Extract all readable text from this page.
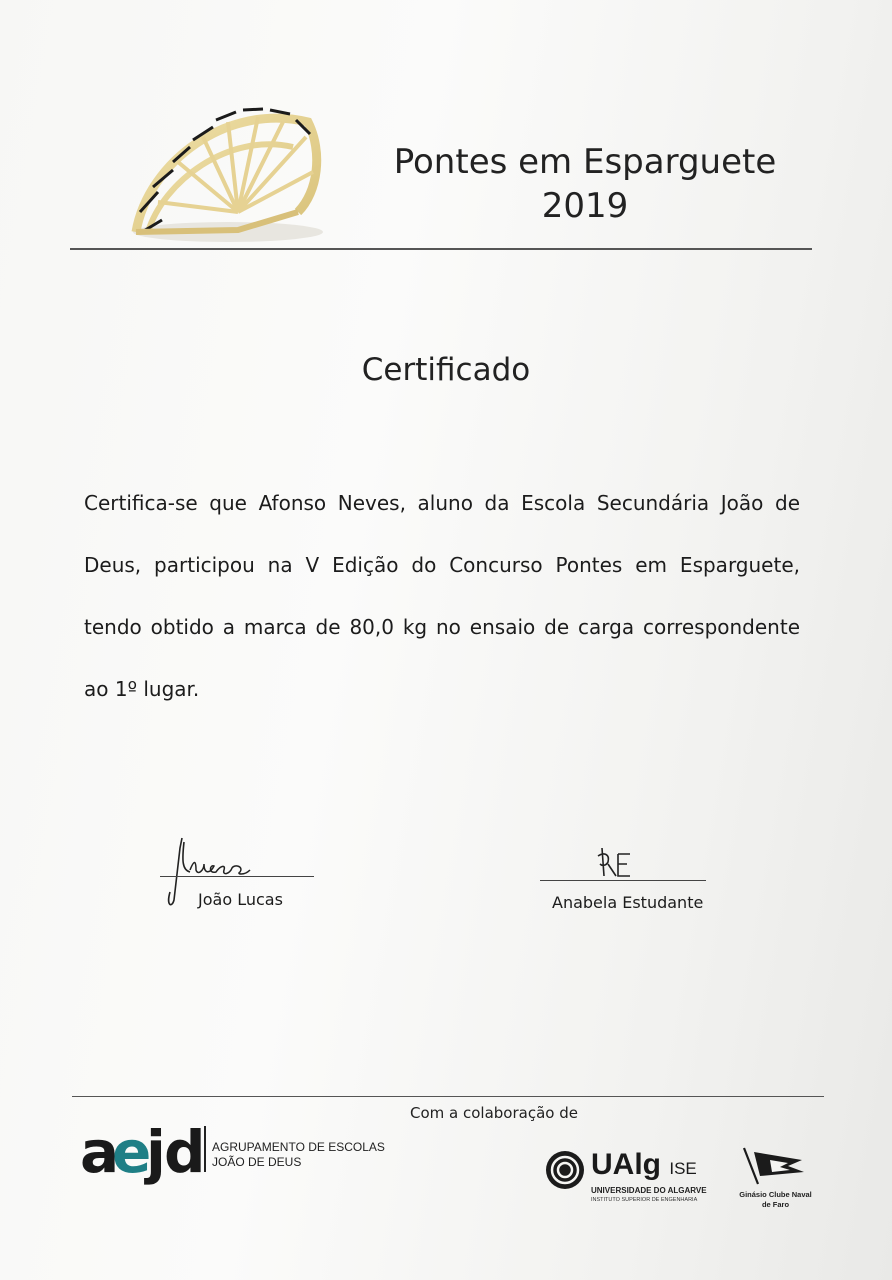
Pontes em Esparguete
2019
Certificado
Certifica-se que Afonso Neves, aluno da Escola Secundária João de Deus, participou na V Edição do Concurso Pontes em Esparguete, tendo obtido a marca de 80,0 kg no ensaio de carga correspondente ao 1º lugar.
João Lucas	Anabela Estudante
Com a colaboração de
a
e
j d AGRUPAMENTO DE ESCOLAS
JOÃO DE DEUS	UAlg ISE
UNIVERSIDADE DO ALGARVE
INSTITUTO SUPERIOR DE ENGENHARIA
Ginásio Clube Naval
de Faro
